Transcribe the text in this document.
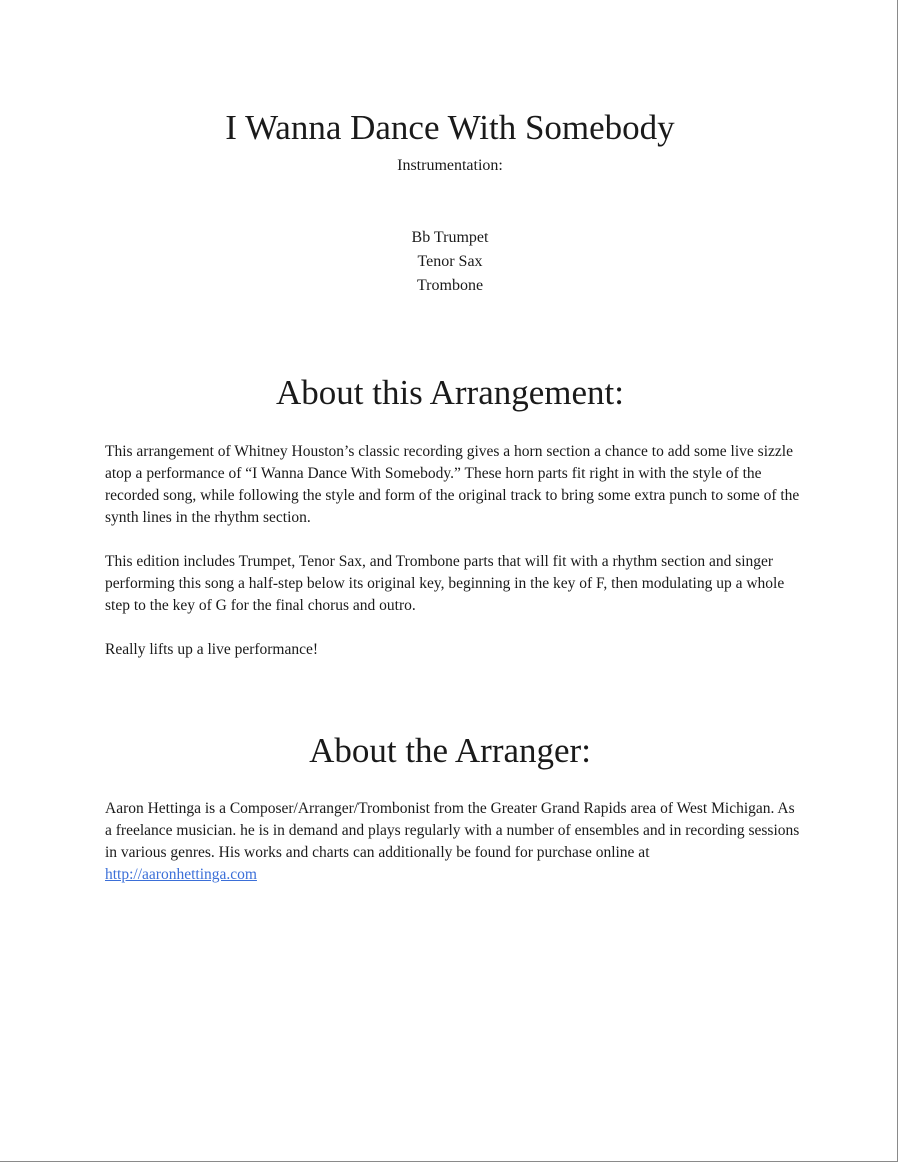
I Wanna Dance With Somebody
Instrumentation:
Bb Trumpet
Tenor Sax
Trombone
About this Arrangement:

This arrangement of Whitney Houston’s classic recording gives a horn section a chance to add some live sizzle atop a performance of “I Wanna Dance With Somebody.” These horn parts fit right in with the style of the recorded song, while following the style and form of the original track to bring some extra punch to some of the synth lines in the rhythm section.

This edition includes Trumpet, Tenor Sax, and Trombone parts that will fit with a rhythm section and singer performing this song a half-step below its original key, beginning in the key of F, then modulating up a whole step to the key of G for the final chorus and outro.

Really lifts up a live performance!

About the Arranger:

Aaron Hettinga is a Composer/Arranger/Trombonist from the Greater Grand Rapids area of West Michigan. As a freelance musician. he is in demand and plays regularly with a number of ensembles and in recording sessions in various genres. His works and charts can additionally be found for purchase online at http://aaronhettinga.com
